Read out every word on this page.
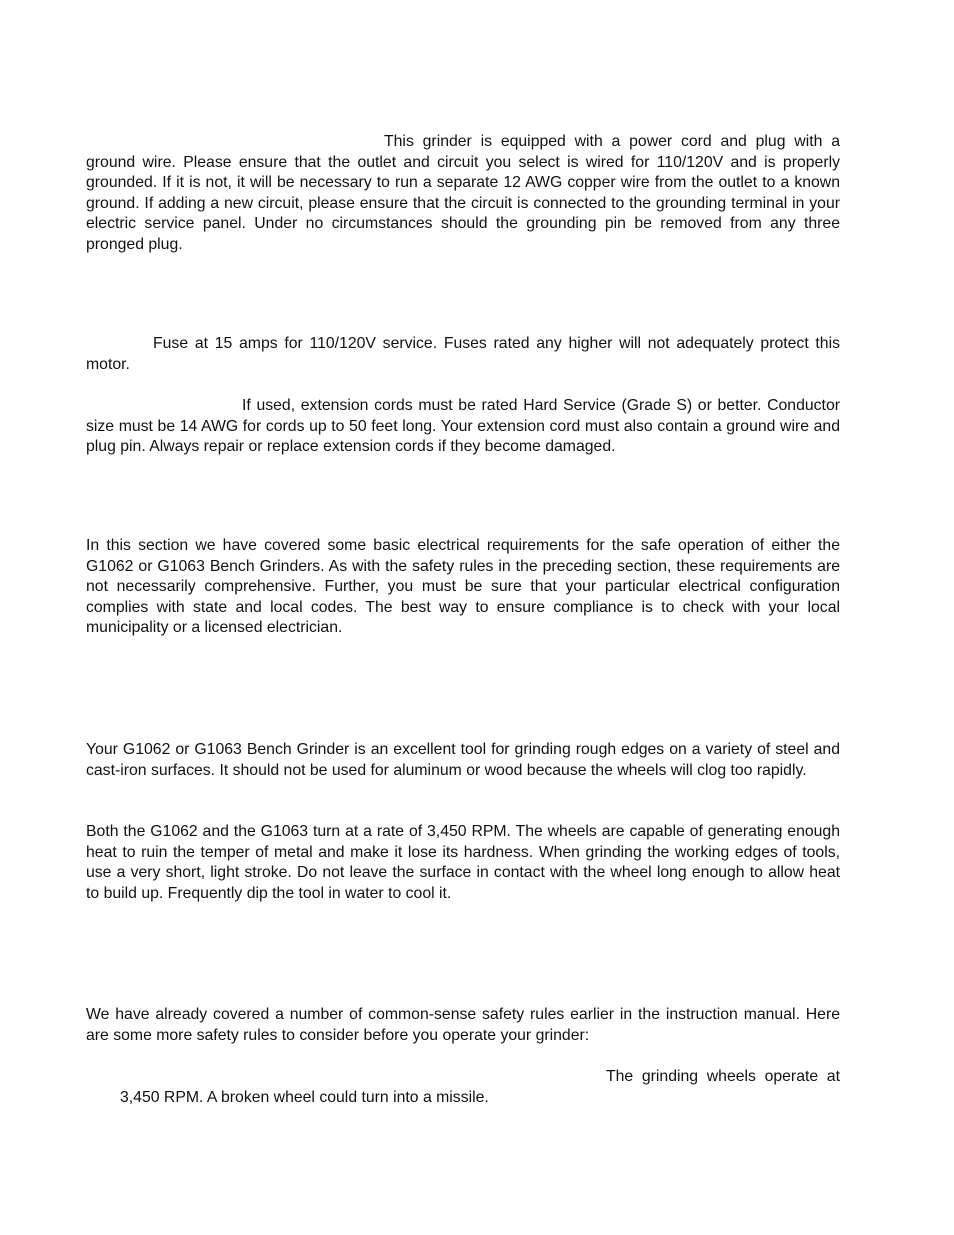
This grinder is equipped with a power cord and plug with a ground wire. Please ensure that the outlet and circuit you select is wired for 110/120V and is properly grounded. If it is not, it will be necessary to run a separate 12 AWG copper wire from the outlet to a known ground. If adding a new circuit, please ensure that the circuit is connected to the grounding terminal in your electric service panel. Under no circumstances should the grounding pin be removed from any three pronged plug.

Fuse at 15 amps for 110/120V service. Fuses rated any higher will not adequately protect this motor.

If used, extension cords must be rated Hard Service (Grade S) or better. Conductor size must be 14 AWG for cords up to 50 feet long. Your extension cord must also contain a ground wire and plug pin. Always repair or replace extension cords if they become damaged.

In this section we have covered some basic electrical requirements for the safe operation of either the G1062 or G1063 Bench Grinders. As with the safety rules in the preceding section, these requirements are not necessarily comprehensive. Further, you must be sure that your particular electrical configuration complies with state and local codes. The best way to ensure compliance is to check with your local municipality or a licensed electrician.

Your G1062 or G1063 Bench Grinder is an excellent tool for grinding rough edges on a variety of steel and cast-iron surfaces. It should not be used for aluminum or wood because the wheels will clog too rapidly.

Both the G1062 and the G1063 turn at a rate of 3,450 RPM. The wheels are capable of generating enough heat to ruin the temper of metal and make it lose its hardness. When grinding the working edges of tools, use a very short, light stroke. Do not leave the surface in contact with the wheel long enough to allow heat to build up. Frequently dip the tool in water to cool it.

We have already covered a number of common-sense safety rules earlier in the instruction manual. Here are some more safety rules to consider before you operate your grinder:

The grinding wheels operate at 3,450 RPM. A broken wheel could turn into a missile.
